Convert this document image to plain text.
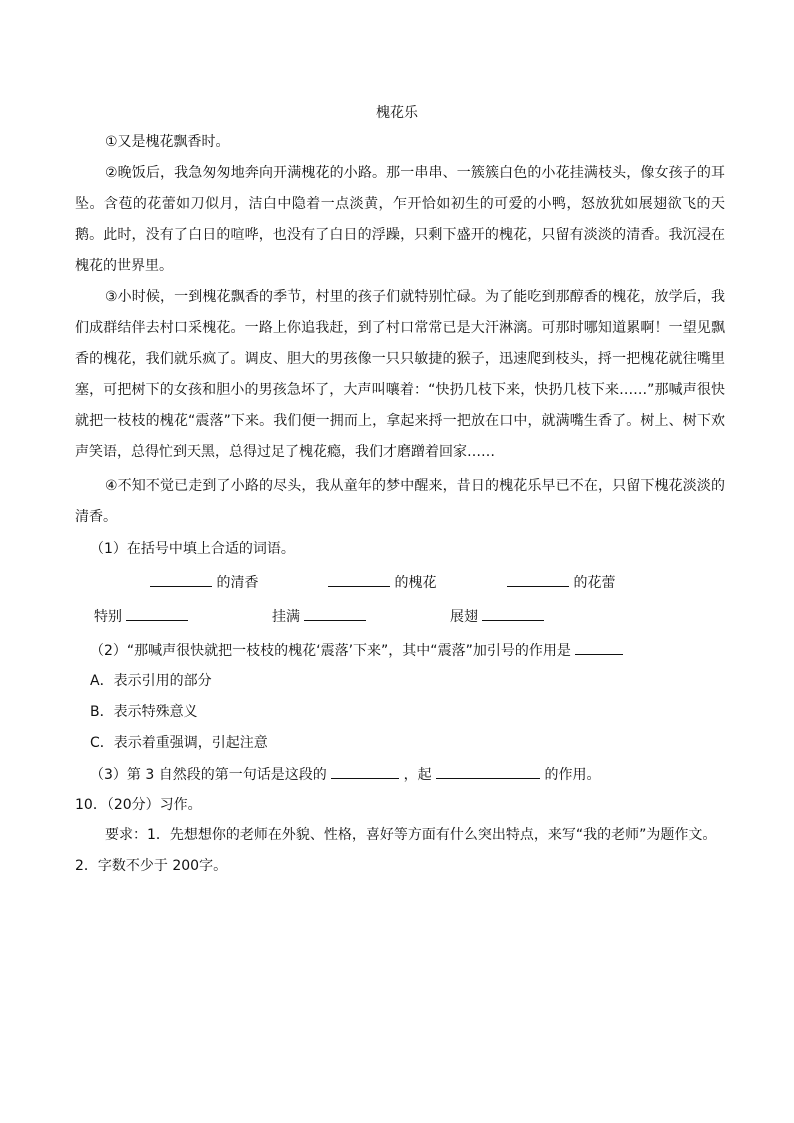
槐花乐

①又是槐花飘香时。

②晚饭后，我急匆匆地奔向开满槐花的小路。那一串串、一簇簇白色的小花挂满枝头，像女孩子的耳坠。含苞的花蕾如刀似月，洁白中隐着一点淡黄，乍开恰如初生的可爱的小鸭，怒放犹如展翅欲飞的天鹅。此时，没有了白日的喧哗，也没有了白日的浮躁，只剩下盛开的槐花，只留有淡淡的清香。我沉浸在槐花的世界里。

③小时候，一到槐花飘香的季节，村里的孩子们就特别忙碌。为了能吃到那醇香的槐花，放学后，我们成群结伴去村口采槐花。一路上你追我赶，到了村口常常已是大汗淋漓。可那时哪知道累啊！一望见飘香的槐花，我们就乐疯了。调皮、胆大的男孩像一只只敏捷的猴子，迅速爬到枝头，捋一把槐花就往嘴里塞，可把树下的女孩和胆小的男孩急坏了，大声叫嚷着：“快扔几枝下来，快扔几枝下来……”那喊声很快就把一枝枝的槐花“震落”下来。我们便一拥而上，拿起来捋一把放在口中，就满嘴生香了。树上、树下欢声笑语，总得忙到天黑，总得过足了槐花瘾，我们才磨蹭着回家……

④不知不觉已走到了小路的尽头，我从童年的梦中醒来，昔日的槐花乐早已不在，只留下槐花淡淡的清香。

（1）在括号中填上合适的词语。
的清香	的槐花	的花蕾
特别	挂满	展翅
（2）“那喊声很快就把一枝枝的槐花‘震落’下来”，其中“震落”加引号的作用是
A．表示引用的部分
B．表示特殊意义
C．表示着重强调，引起注意
（3）第 3 自然段的第一句话是这段的	，起	的作用。
10．（20分）习作。

要求：1．先想想你的老师在外貌、性格，喜好等方面有什么突出特点，来写“我的老师”为题作文。2．字数不少于 200字。
